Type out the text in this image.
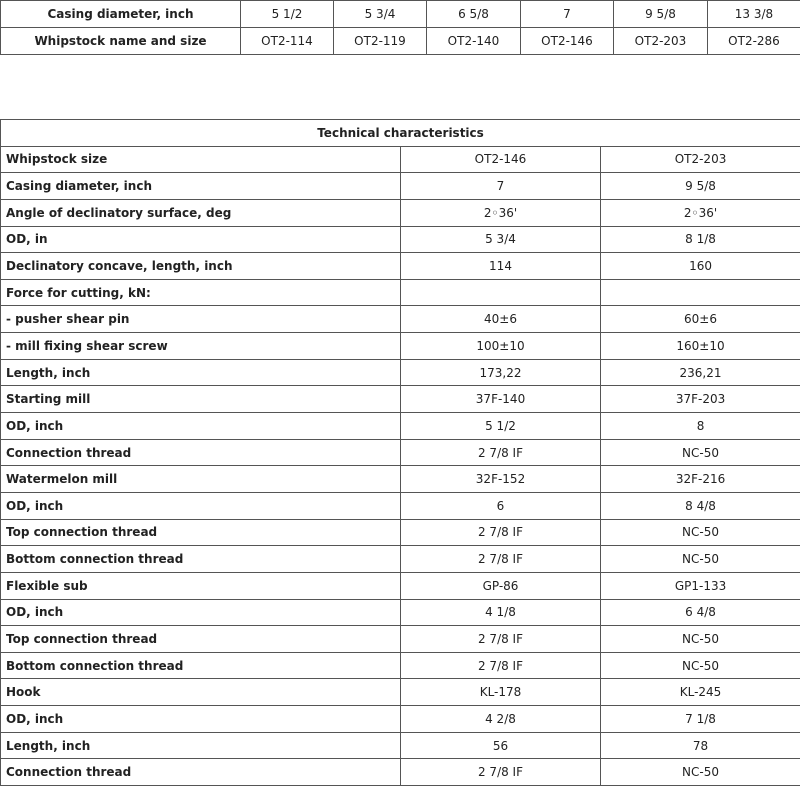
Casing diameter, inch	5 1/2	5 3/4	6 5/8	7	9 5/8	13 3/8
Whipstock name and size	OT2-114	OT2-119	OT2-140	OT2-146	OT2-203	OT2-286
Technical characteristics		
Whipstock size	OT2-146	OT2-203
Casing diameter, inch	7	9 5/8
Angle of declinatory surface, deg	2◦36'	2◦36'
OD, in	5 3/4	8 1/8
Declinatory concave, length, inch	114	160
Force for cutting, kN:		
- pusher shear pin	40±6	60±6
- mill fixing shear screw	100±10	160±10
Length, inch	173,22	236,21
Starting mill	37F-140	37F-203
OD, inch	5 1/2	8
Connection thread	2 7/8 IF	NC-50
Watermelon mill	32F-152	32F-216
OD, inch	6	8 4/8
Top connection thread	2 7/8 IF	NC-50
Bottom connection thread	2 7/8 IF	NC-50
Flexible sub	GP-86	GP1-133
OD, inch	4 1/8	6 4/8
Top connection thread	2 7/8 IF	NC-50
Bottom connection thread	2 7/8 IF	NC-50
Hook	KL-178	KL-245
OD, inch	4 2/8	7 1/8
Length, inch	56	78
Connection thread	2 7/8 IF	NC-50
